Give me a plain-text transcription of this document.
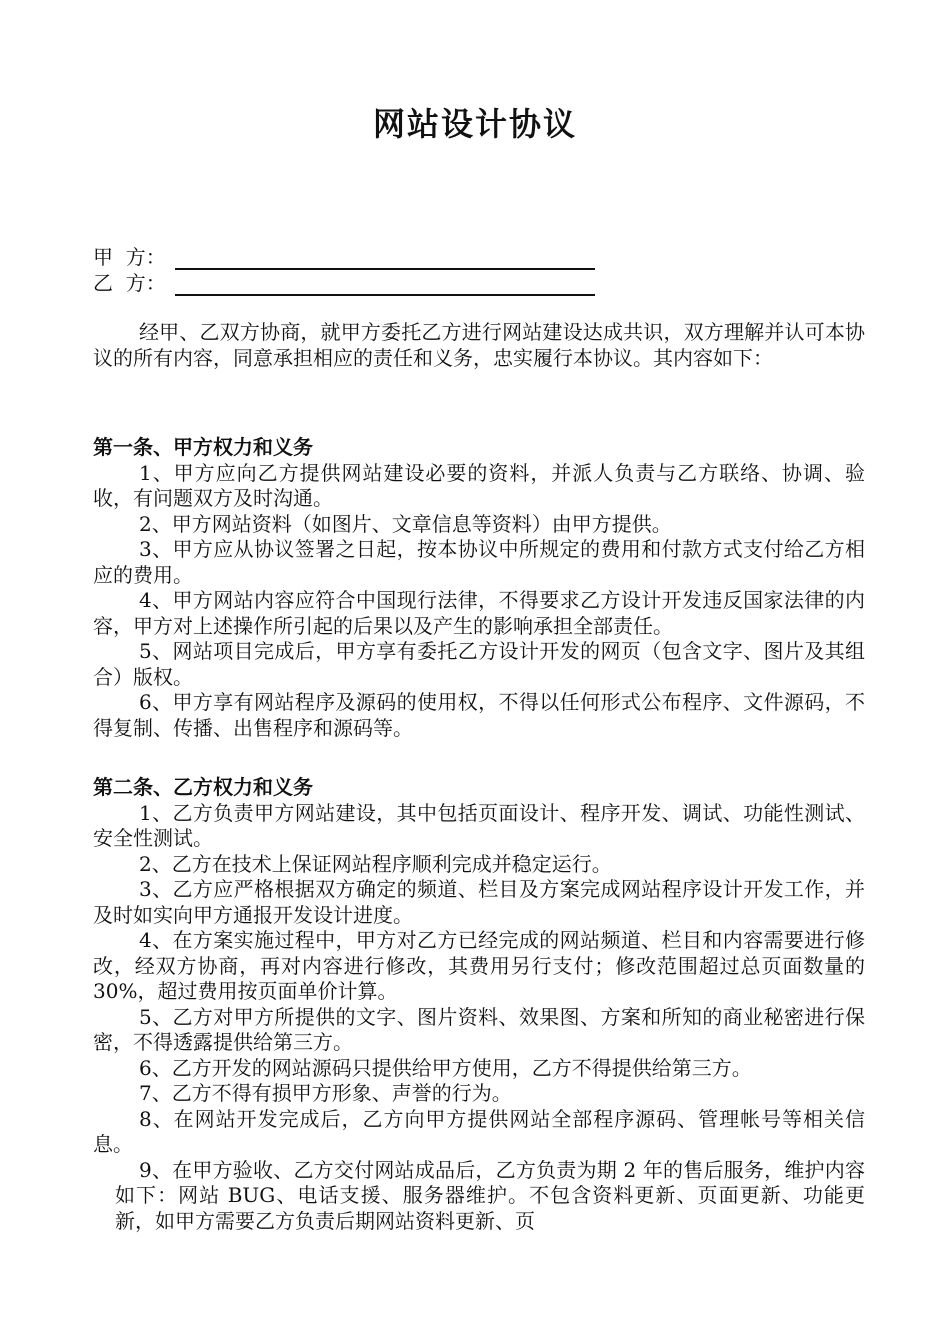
网站设计协议
甲  方：
乙  方：

经甲、乙双方协商，就甲方委托乙方进行网站建设达成共识，双方理解并认可本协议的所有内容，同意承担相应的责任和义务，忠实履行本协议。其内容如下：

第一条、甲方权力和义务

1、甲方应向乙方提供网站建设必要的资料，并派人负责与乙方联络、协调、验收，有问题双方及时沟通。

2、甲方网站资料（如图片、文章信息等资料）由甲方提供。

3、甲方应从协议签署之日起，按本协议中所规定的费用和付款方式支付给乙方相应的费用。

4、甲方网站内容应符合中国现行法律，不得要求乙方设计开发违反国家法律的内容，甲方对上述操作所引起的后果以及产生的影响承担全部责任。

5、网站项目完成后，甲方享有委托乙方设计开发的网页（包含文字、图片及其组合）版权。

6、甲方享有网站程序及源码的使用权，不得以任何形式公布程序、文件源码，不得复制、传播、出售程序和源码等。

第二条、乙方权力和义务

1、乙方负责甲方网站建设，其中包括页面设计、程序开发、调试、功能性测试、安全性测试。

2、乙方在技术上保证网站程序顺利完成并稳定运行。

3、乙方应严格根据双方确定的频道、栏目及方案完成网站程序设计开发工作，并及时如实向甲方通报开发设计进度。

4、在方案实施过程中，甲方对乙方已经完成的网站频道、栏目和内容需要进行修改，经双方协商，再对内容进行修改，其费用另行支付；修改范围超过总页面数量的30%，超过费用按页面单价计算。

5、乙方对甲方所提供的文字、图片资料、效果图、方案和所知的商业秘密进行保密，不得透露提供给第三方。

6、乙方开发的网站源码只提供给甲方使用，乙方不得提供给第三方。

7、乙方不得有损甲方形象、声誉的行为。

8、在网站开发完成后，乙方向甲方提供网站全部程序源码、管理帐号等相关信息。

9、在甲方验收、乙方交付网站成品后，乙方负责为期 2 年的售后服务，维护内容如下：网站 BUG、电话支援、服务器维护。不包含资料更新、页面更新、功能更新，如甲方需要乙方负责后期网站资料更新、页
